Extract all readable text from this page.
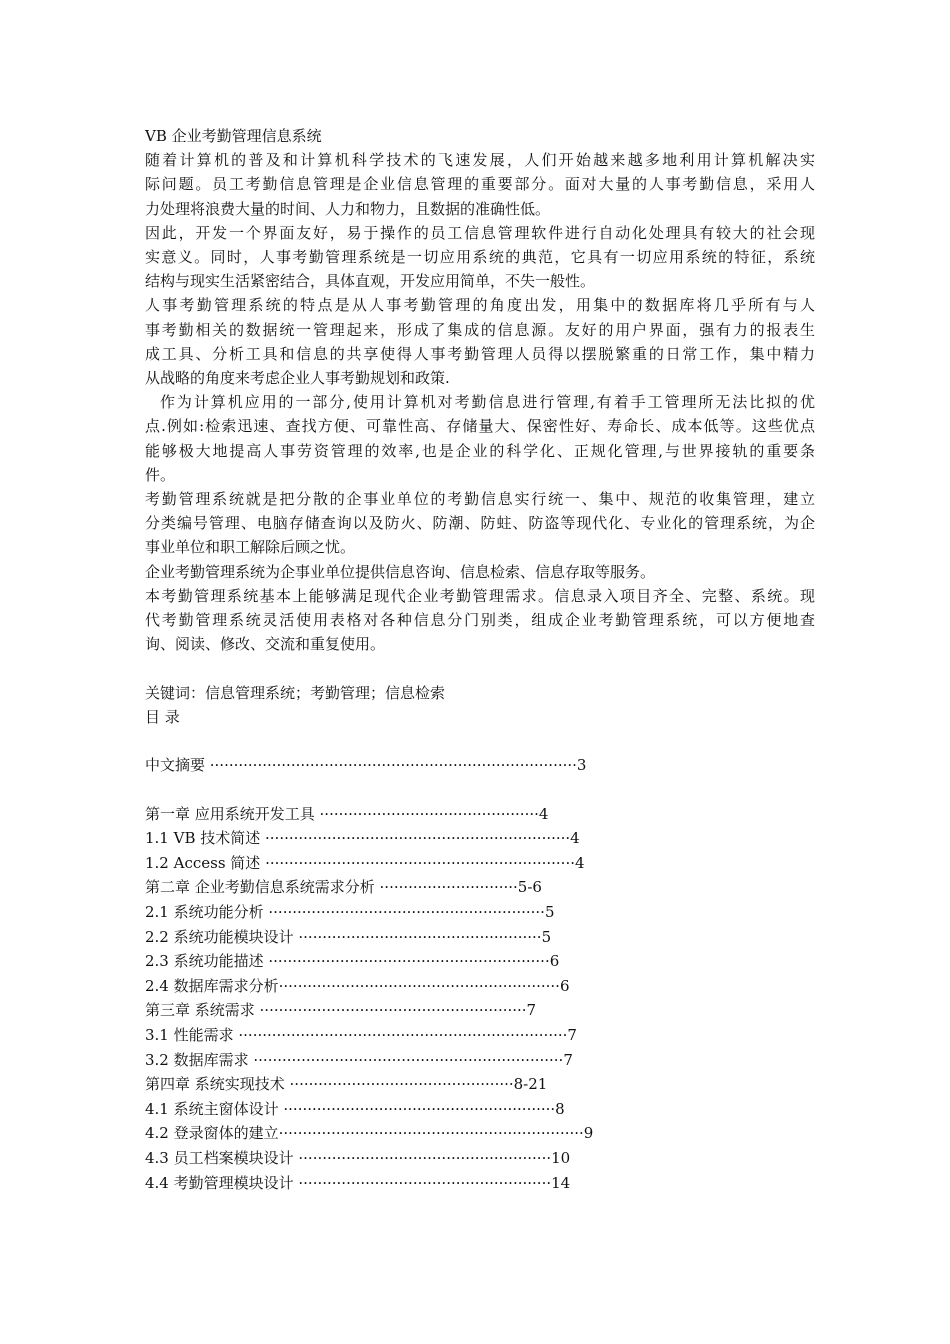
VB 企业考勤管理信息系统
随着计算机的普及和计算机科学技术的飞速发展，人们开始越来越多地利用计算机解决实
际问题。员工考勤信息管理是企业信息管理的重要部分。面对大量的人事考勤信息，采用人
力处理将浪费大量的时间、人力和物力，且数据的准确性低。
因此，开发一个界面友好，易于操作的员工信息管理软件进行自动化处理具有较大的社会现
实意义。同时，人事考勤管理系统是一切应用系统的典范，它具有一切应用系统的特征，系统
结构与现实生活紧密结合，具体直观，开发应用简单，不失一般性。
人事考勤管理系统的特点是从人事考勤管理的角度出发，用集中的数据库将几乎所有与人
事考勤相关的数据统一管理起来，形成了集成的信息源。友好的用户界面，强有力的报表生
成工具、分析工具和信息的共享使得人事考勤管理人员得以摆脱繁重的日常工作，集中精力
从战略的角度来考虑企业人事考勤规划和政策.
作为计算机应用的一部分,使用计算机对考勤信息进行管理,有着手工管理所无法比拟的优
点.例如:检索迅速、查找方便、可靠性高、存储量大、保密性好、寿命长、成本低等。这些优点
能够极大地提高人事劳资管理的效率,也是企业的科学化、正规化管理,与世界接轨的重要条
件。
考勤管理系统就是把分散的企事业单位的考勤信息实行统一、集中、规范的收集管理，建立
分类编号管理、电脑存储查询以及防火、防潮、防蛀、防盗等现代化、专业化的管理系统，为企
事业单位和职工解除后顾之忧。
企业考勤管理系统为企事业单位提供信息咨询、信息检索、信息存取等服务。
本考勤管理系统基本上能够满足现代企业考勤管理需求。信息录入项目齐全、完整、系统。现
代考勤管理系统灵活使用表格对各种信息分门别类，组成企业考勤管理系统，可以方便地查
询、阅读、修改、交流和重复使用。
关键词：信息管理系统；考勤管理；信息检索
目 录
中文摘要 ·············································································3
第一章 应用系统开发工具 ··············································4
1.1 VB 技术简述 ································································4
1.2 Access 简述 ·································································4
第二章 企业考勤信息系统需求分析 ·····························5-6
2.1 系统功能分析 ··························································5
2.2 系统功能模块设计 ···················································5
2.3 系统功能描述 ···························································6
2.4 数据库需求分析···························································6
第三章 系统需求 ························································7
3.1 性能需求 ·····································································7
3.2 数据库需求 ·································································7
第四章 系统实现技术 ···············································8-21
4.1 系统主窗体设计 ·························································8
4.2 登录窗体的建立································································9
4.3 员工档案模块设计 ·····················································10
4.4 考勤管理模块设计 ·····················································14
